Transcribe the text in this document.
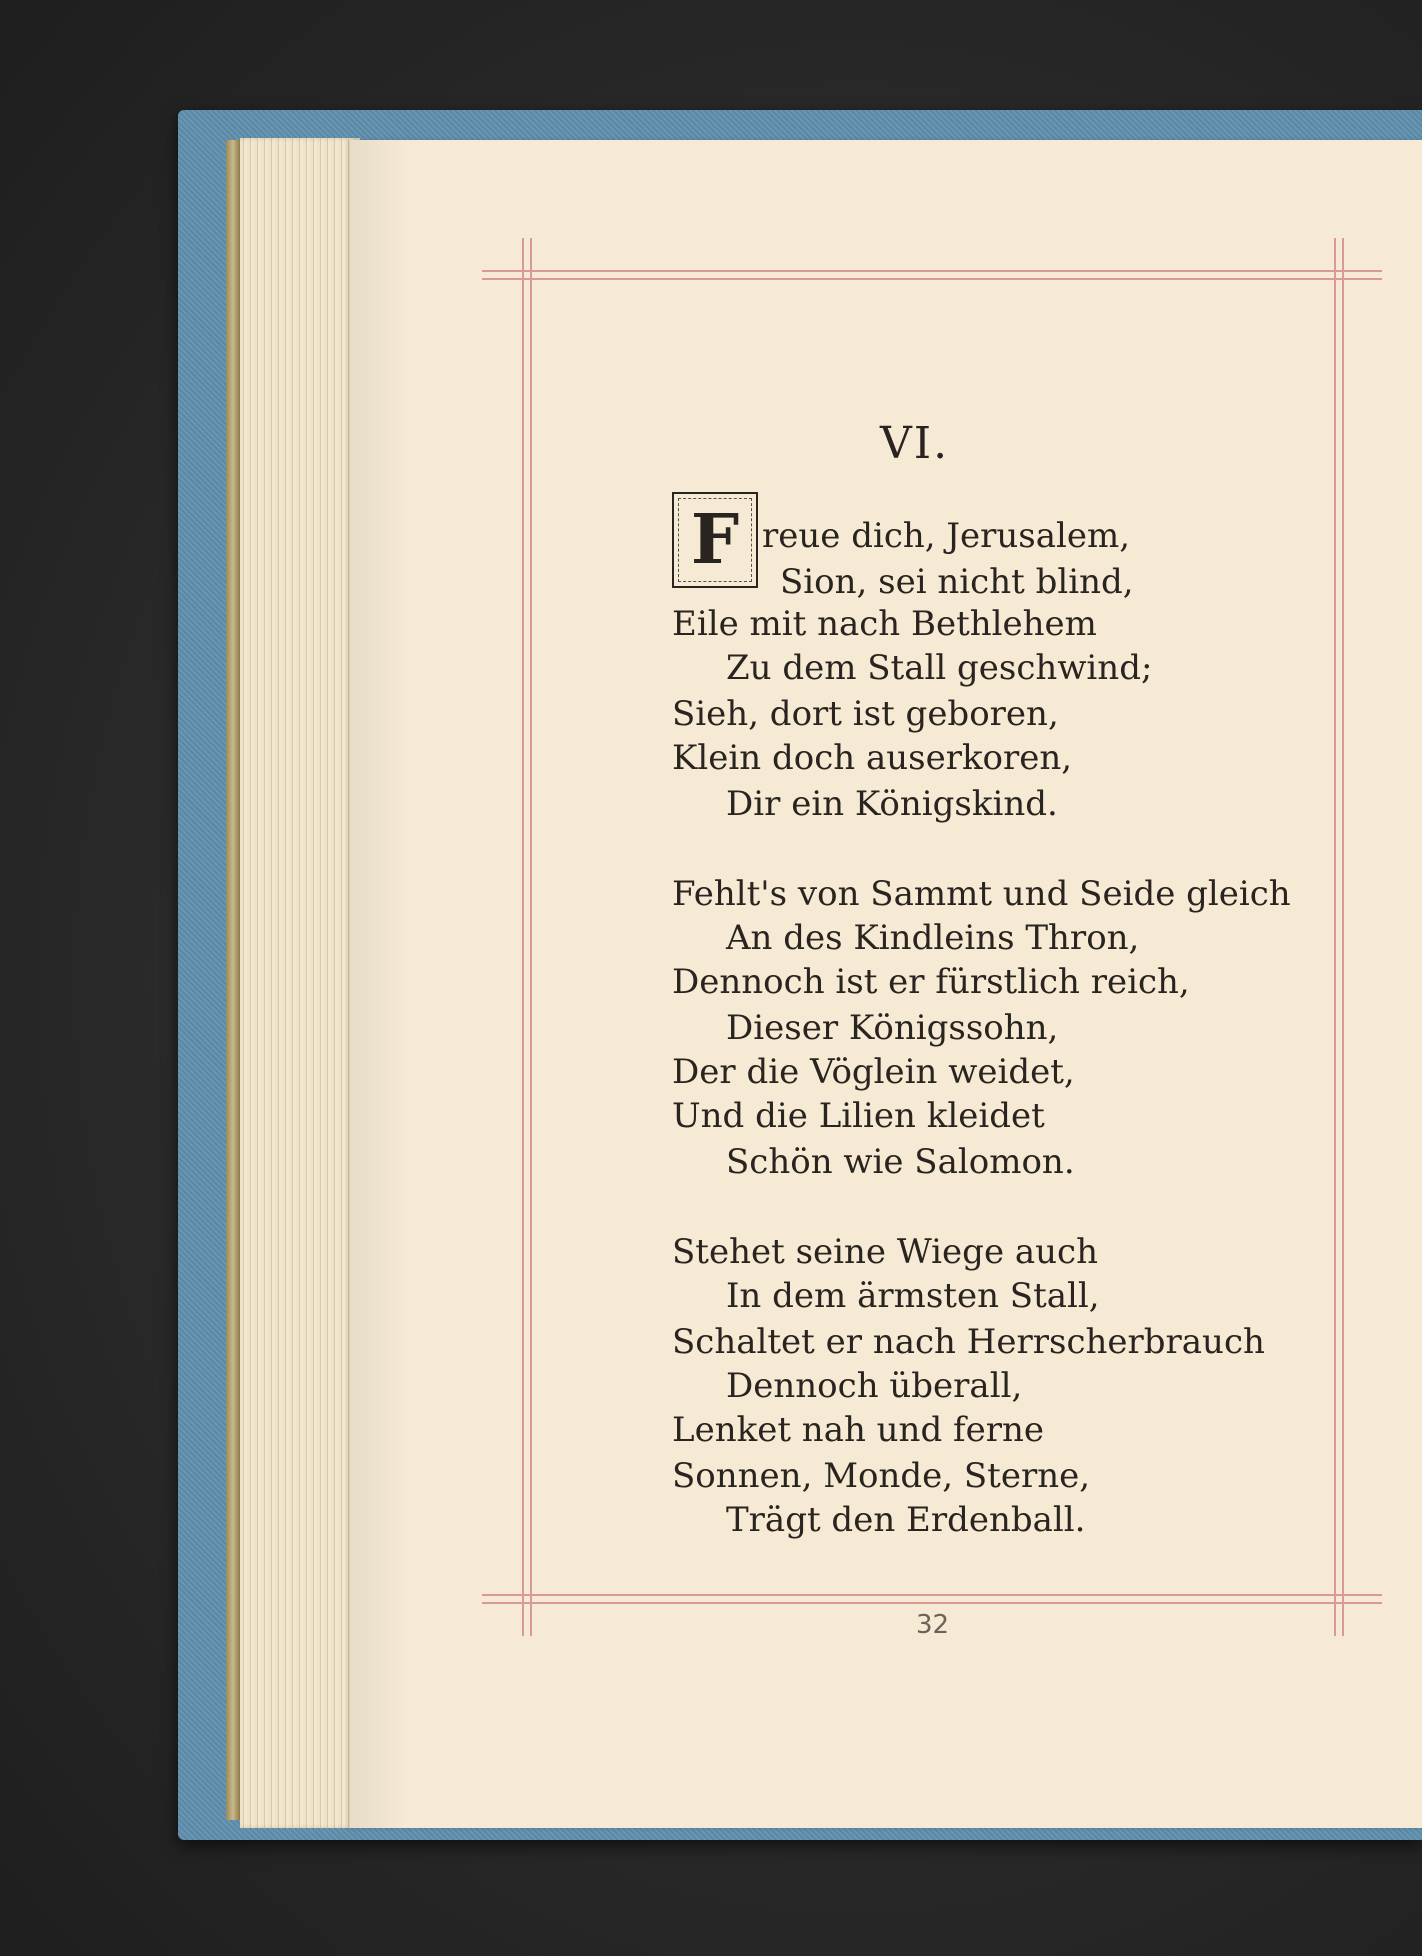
VI.
F reue dich, Jerusalem,
Sion, sei nicht blind,
Eile mit nach Bethlehem
Zu dem Stall geschwind;
Sieh, dort ist geboren,
Klein doch auserkoren,
Dir ein Königskind.
Fehlt's von Sammt und Seide gleich
An des Kindleins Thron,
Dennoch ist er fürstlich reich,
Dieser Königssohn,
Der die Vöglein weidet,
Und die Lilien kleidet
Schön wie Salomon.
Stehet seine Wiege auch
In dem ärmsten Stall,
Schaltet er nach Herrscherbrauch
Dennoch überall,
Lenket nah und ferne
Sonnen, Monde, Sterne,
Trägt den Erdenball.
32
